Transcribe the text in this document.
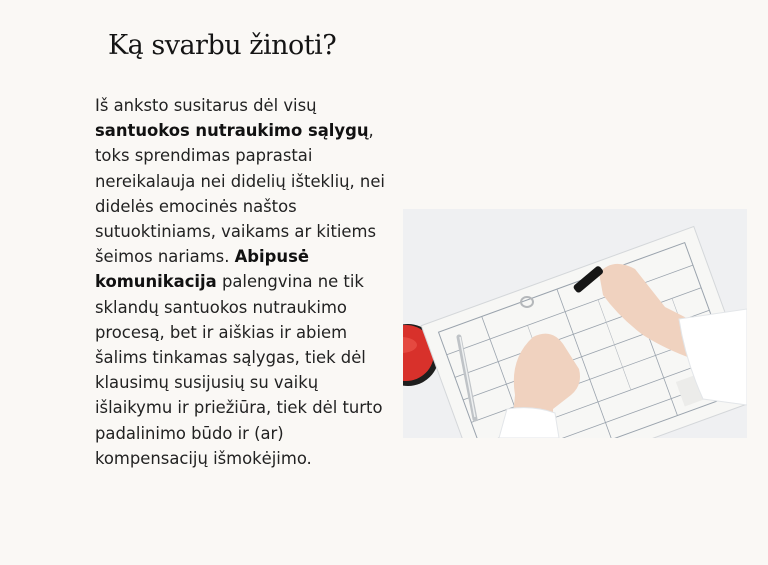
Ką svarbu žinoti?

Iš anksto susitarus dėl visų santuokos nutraukimo sąlygų, toks sprendimas paprastai nereikalauja nei didelių išteklių, nei didelės emocinės naštos sutuoktiniams, vaikams ar kitiems šeimos nariams. Abipusė komunikacija palengvina ne tik sklandų santuokos nutraukimo procesą, bet ir aiškias ir abiem šalims tinkamas sąlygas, tiek dėl klausimų susijusių su vaikų išlaikymu ir priežiūra, tiek dėl turto padalinimo būdo ir (ar) kompensacijų išmokėjimo.
